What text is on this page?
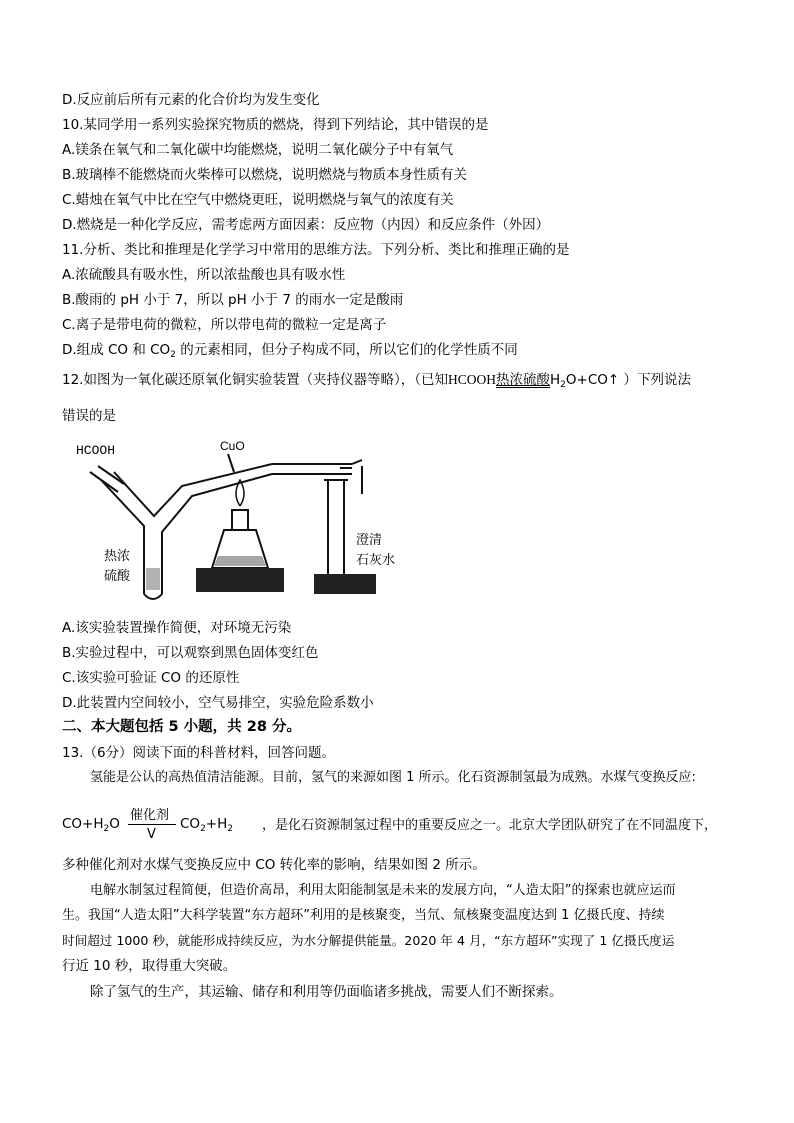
D.反应前后所有元素的化合价均为发生变化
10.某同学用一系列实验探究物质的燃烧，得到下列结论，其中错误的是
A.镁条在氧气和二氧化碳中均能燃烧，说明二氧化碳分子中有氧气
B.玻璃棒不能燃烧而火柴棒可以燃烧，说明燃烧与物质本身性质有关
C.蜡烛在氧气中比在空气中燃烧更旺，说明燃烧与氧气的浓度有关
D.燃烧是一种化学反应，需考虑两方面因素：反应物（内因）和反应条件（外因）
11.分析、类比和推理是化学学习中常用的思维方法。下列分析、类比和推理正确的是
A.浓硫酸具有吸水性，所以浓盐酸也具有吸水性
B.酸雨的 pH 小于 7，所以 pH 小于 7 的雨水一定是酸雨
C.离子是带电荷的微粒，所以带电荷的微粒一定是离子
D.组成 CO 和 $CO_2$ 的元素相同，但分子构成不同，所以它们的化学性质不同
12.如图为一氧化碳还原氧化铜实验装置（夹持仪器等略），（已知HCOOH热浓硫酸$H_2O+CO↑$ ）下列说法
错误的是
HCOOH	CuO
热浓
硫酸
澄清
石灰水
A.该实验装置操作简便，对环境无污染
B.实验过程中，可以观察到黑色固体变红色
C.该实验可验证 CO 的还原性
D.此装置内空间较小，空气易排空，实验危险系数小
二、本大题包括 5 小题，共 28 分。
13.（6分）阅读下面的科普材料，回答问题。
氢能是公认的高热值清洁能源。目前，氢气的来源如图 1 所示。化石资源制氢最为成熟。水煤气变换反应:
$CO+H_2O$
催化剂
V
$CO_2+H_2$ ，是化石资源制氢过程中的重要反应之一。北京大学团队研究了在不同温度下，
多种催化剂对水煤气变换反应中 CO 转化率的影响，结果如图 2 所示。
电解水制氢过程简便，但造价高昂，利用太阳能制氢是未来的发展方向，“人造太阳”的探索也就应运而
生。我国“人造太阳”大科学装置“东方超环”利用的是核聚变，当氘、氚核聚变温度达到 1 亿摄氏度、持续
时间超过 1000 秒，就能形成持续反应，为水分解提供能量。2020 年 4 月，“东方超环”实现了 1 亿摄氏度运
行近 10 秒，取得重大突破。
除了氢气的生产，其运输、储存和利用等仍面临诸多挑战，需要人们不断探索。
